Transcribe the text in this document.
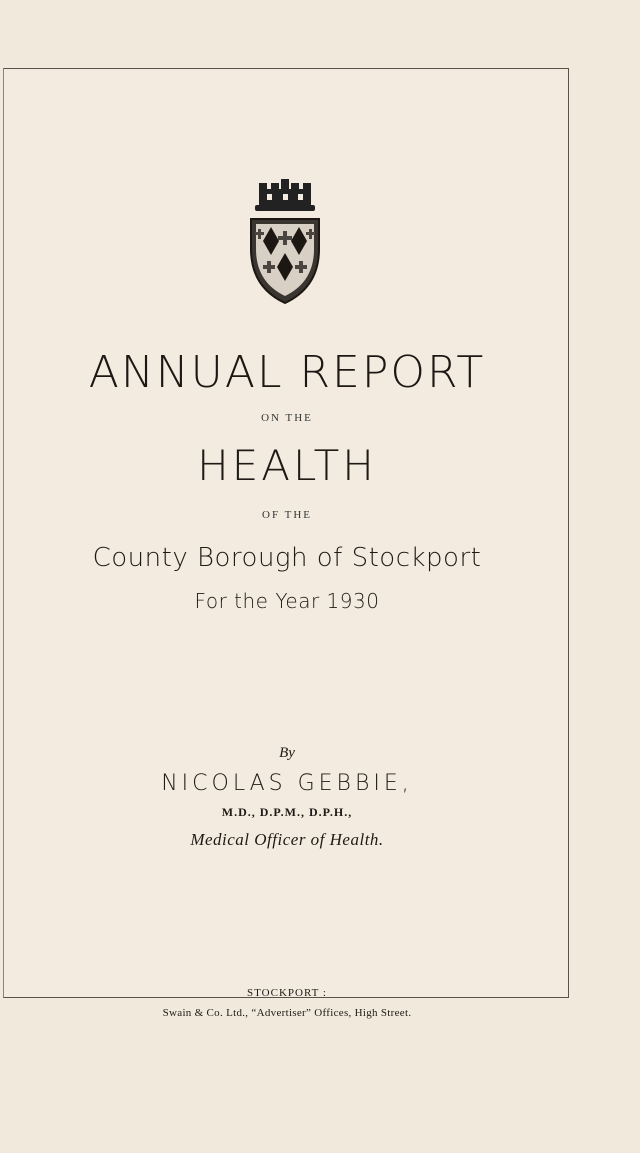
ANNUAL REPORT
ON THE
HEALTH
OF THE
County Borough of Stockport
For the Year 1930
By
NICOLAS GEBBIE,
M.D., D.P.M., D.P.H.,
Medical Officer of Health.
STOCKPORT :
Swain & Co. Ltd., “Advertiser” Offices, High Street.
